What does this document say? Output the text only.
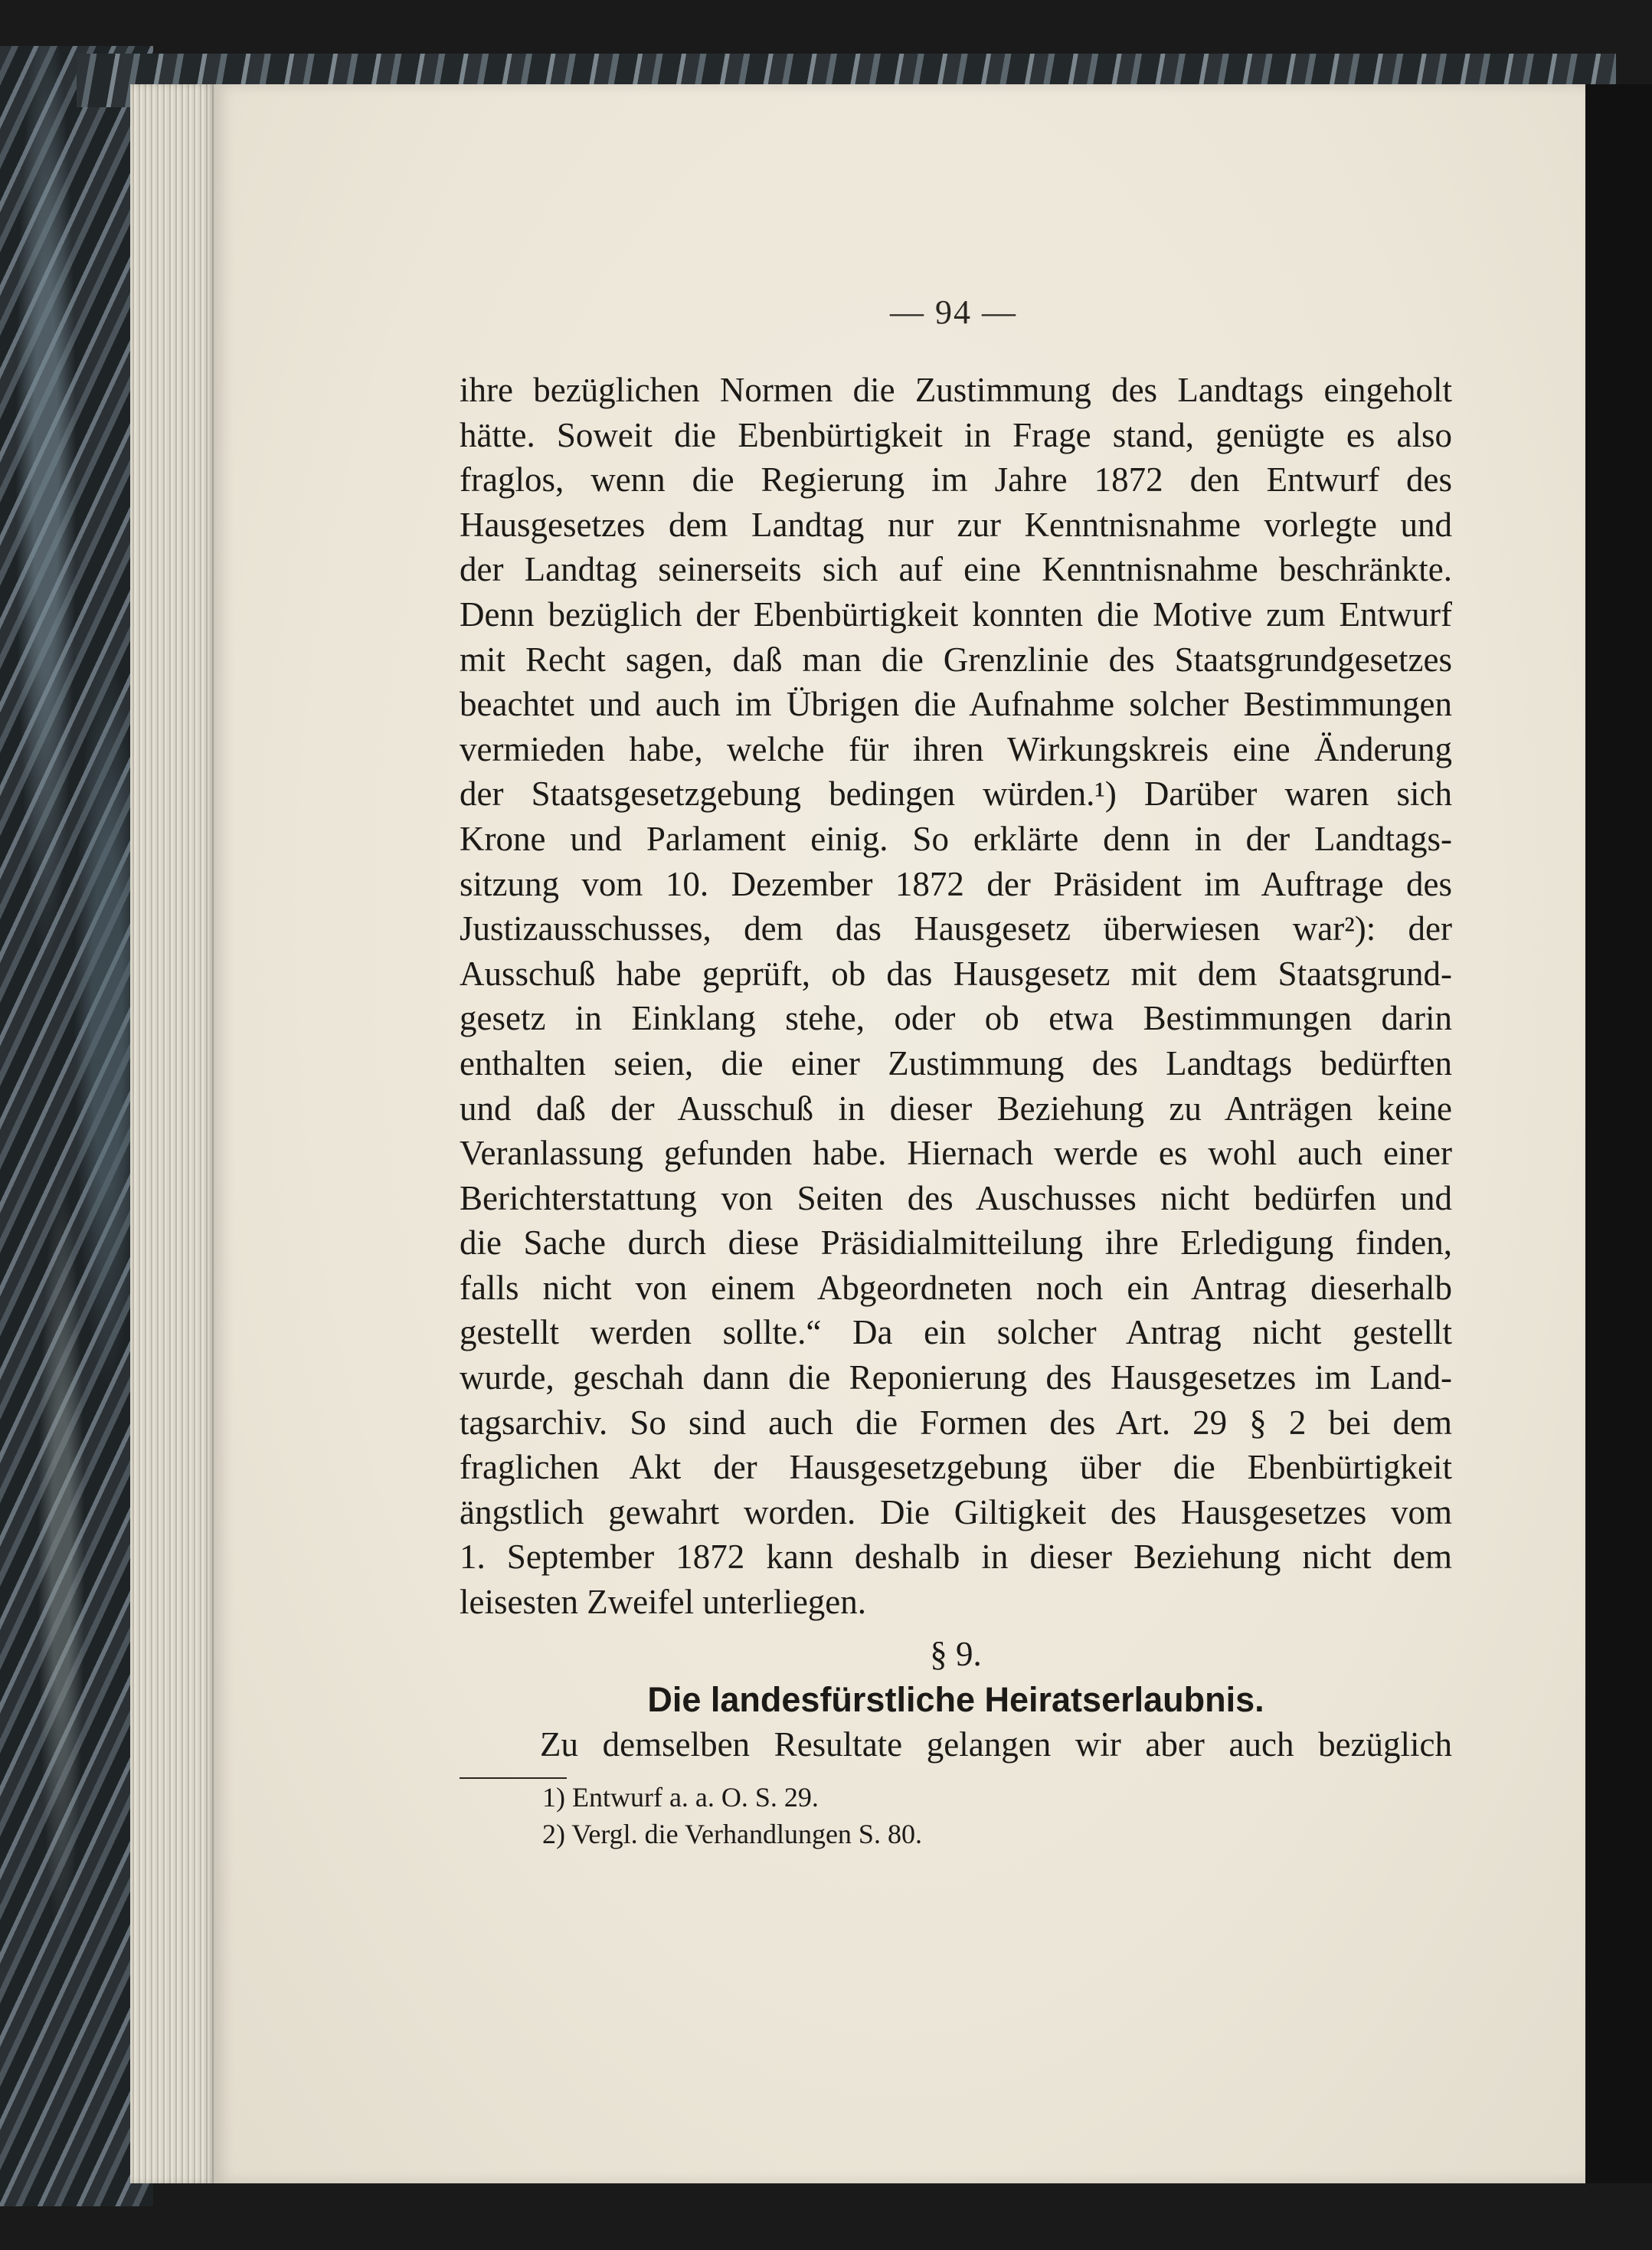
— 94 —
ihre bezüglichen Normen die Zustimmung des Landtags eingeholt
hätte. Soweit die Ebenbürtigkeit in Frage stand, genügte es also
fraglos, wenn die Regierung im Jahre 1872 den Entwurf des
Hausgesetzes dem Landtag nur zur Kenntnisnahme vorlegte und
der Landtag seinerseits sich auf eine Kenntnisnahme beschränkte.
Denn bezüglich der Ebenbürtigkeit konnten die Motive zum Entwurf
mit Recht sagen, daß man die Grenzlinie des Staatsgrundgesetzes
beachtet und auch im Übrigen die Aufnahme solcher Bestimmungen
vermieden habe, welche für ihren Wirkungskreis eine Änderung
der Staatsgesetzgebung bedingen würden.¹) Darüber waren sich
Krone und Parlament einig. So erklärte denn in der Landtags-
sitzung vom 10. Dezember 1872 der Präsident im Auftrage des
Justizausschusses, dem das Hausgesetz überwiesen war²): der
Ausschuß habe geprüft, ob das Hausgesetz mit dem Staatsgrund-
gesetz in Einklang stehe, oder ob etwa Bestimmungen darin
enthalten seien, die einer Zustimmung des Landtags bedürften
und daß der Ausschuß in dieser Beziehung zu Anträgen keine
Veranlassung gefunden habe. Hiernach werde es wohl auch einer
Berichterstattung von Seiten des Auschusses nicht bedürfen und
die Sache durch diese Präsidialmitteilung ihre Erledigung finden,
falls nicht von einem Abgeordneten noch ein Antrag dieserhalb
gestellt werden sollte.“ Da ein solcher Antrag nicht gestellt
wurde, geschah dann die Reponierung des Hausgesetzes im Land-
tagsarchiv. So sind auch die Formen des Art. 29 § 2 bei dem
fraglichen Akt der Hausgesetzgebung über die Ebenbürtigkeit
ängstlich gewahrt worden. Die Giltigkeit des Hausgesetzes vom
1. September 1872 kann deshalb in dieser Beziehung nicht dem
leisesten Zweifel unterliegen.
§ 9.
Die landesfürstliche Heiratserlaubnis.
Zu demselben Resultate gelangen wir aber auch bezüglich
1) Entwurf a. a. O. S. 29.
2) Vergl. die Verhandlungen S. 80.
